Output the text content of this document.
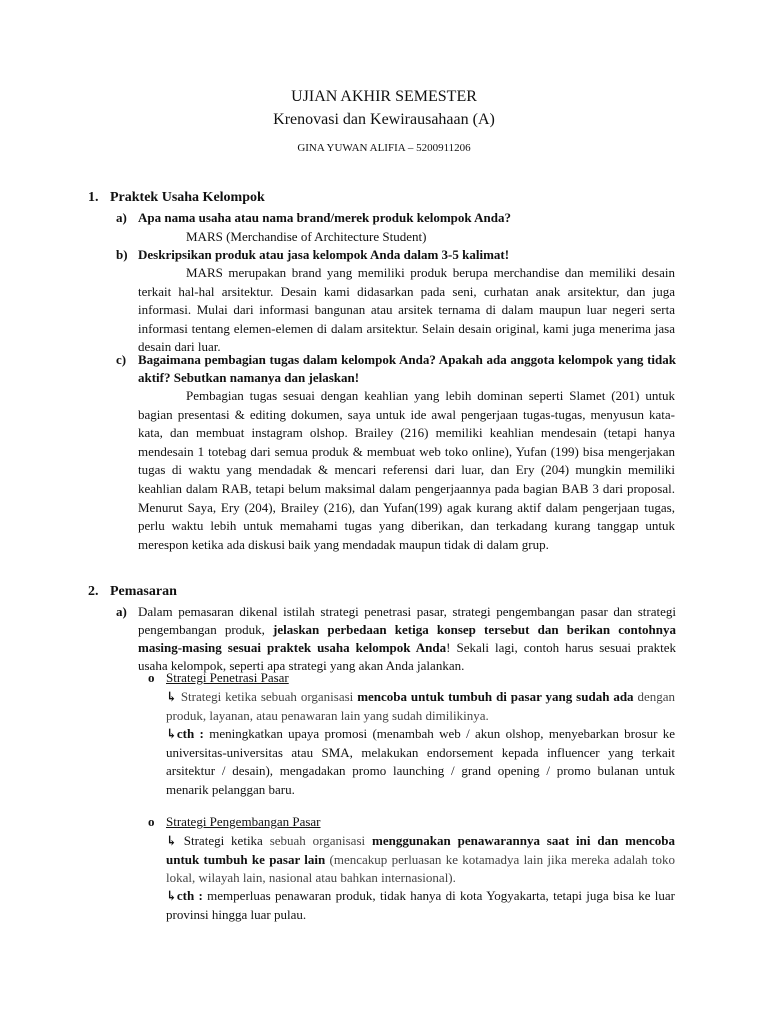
UJIAN AKHIR SEMESTER
Krenovasi dan Kewirausahaan (A)
GINA YUWAN ALIFIA – 5200911206
1. Praktek Usaha Kelompok
a) Apa nama usaha atau nama brand/merek produk kelompok Anda?
MARS (Merchandise of Architecture Student)
b) Deskripsikan produk atau jasa kelompok Anda dalam 3-5 kalimat!
MARS merupakan brand yang memiliki produk berupa merchandise dan memiliki desain terkait hal-hal arsitektur. Desain kami didasarkan pada seni, curhatan anak arsitektur, dan juga informasi. Mulai dari informasi bangunan atau arsitek ternama di dalam maupun luar negeri serta informasi tentang elemen-elemen di dalam arsitektur. Selain desain original, kami juga menerima jasa desain dari luar.
c) Bagaimana pembagian tugas dalam kelompok Anda? Apakah ada anggota kelompok yang tidak aktif? Sebutkan namanya dan jelaskan!
Pembagian tugas sesuai dengan keahlian yang lebih dominan seperti Slamet (201) untuk bagian presentasi & editing dokumen, saya untuk ide awal pengerjaan tugas-tugas, menyusun kata-kata, dan membuat instagram olshop. Brailey (216) memiliki keahlian mendesain (tetapi hanya mendesain 1 totebag dari semua produk & membuat web toko online), Yufan (199) bisa mengerjakan tugas di waktu yang mendadak & mencari referensi dari luar, dan Ery (204) mungkin memiliki keahlian dalam RAB, tetapi belum maksimal dalam pengerjaannya pada bagian BAB 3 dari proposal. Menurut Saya, Ery (204), Brailey (216), dan Yufan(199) agak kurang aktif dalam pengerjaan tugas, perlu waktu lebih untuk memahami tugas yang diberikan, dan terkadang kurang tanggap untuk merespon ketika ada diskusi baik yang mendadak maupun tidak di dalam grup.
2. Pemasaran
a) Dalam pemasaran dikenal istilah strategi penetrasi pasar, strategi pengembangan pasar dan strategi pengembangan produk, jelaskan perbedaan ketiga konsep tersebut dan berikan contohnya masing-masing sesuai praktek usaha kelompok Anda! Sekali lagi, contoh harus sesuai praktek usaha kelompok, seperti apa strategi yang akan Anda jalankan.
o Strategi Penetrasi Pasar
↳ Strategi ketika sebuah organisasi mencoba untuk tumbuh di pasar yang sudah ada dengan produk, layanan, atau penawaran lain yang sudah dimilikinya.
↳cth : meningkatkan upaya promosi (menambah web / akun olshop, menyebarkan brosur ke universitas-universitas atau SMA, melakukan endorsement kepada influencer yang terkait arsitektur / desain), mengadakan promo launching / grand opening / promo bulanan untuk menarik pelanggan baru.
o Strategi Pengembangan Pasar
↳ Strategi ketika sebuah organisasi menggunakan penawarannya saat ini dan mencoba untuk tumbuh ke pasar lain (mencakup perluasan ke kotamadya lain jika mereka adalah toko lokal, wilayah lain, nasional atau bahkan internasional).
↳cth : memperluas penawaran produk, tidak hanya di kota Yogyakarta, tetapi juga bisa ke luar provinsi hingga luar pulau.
